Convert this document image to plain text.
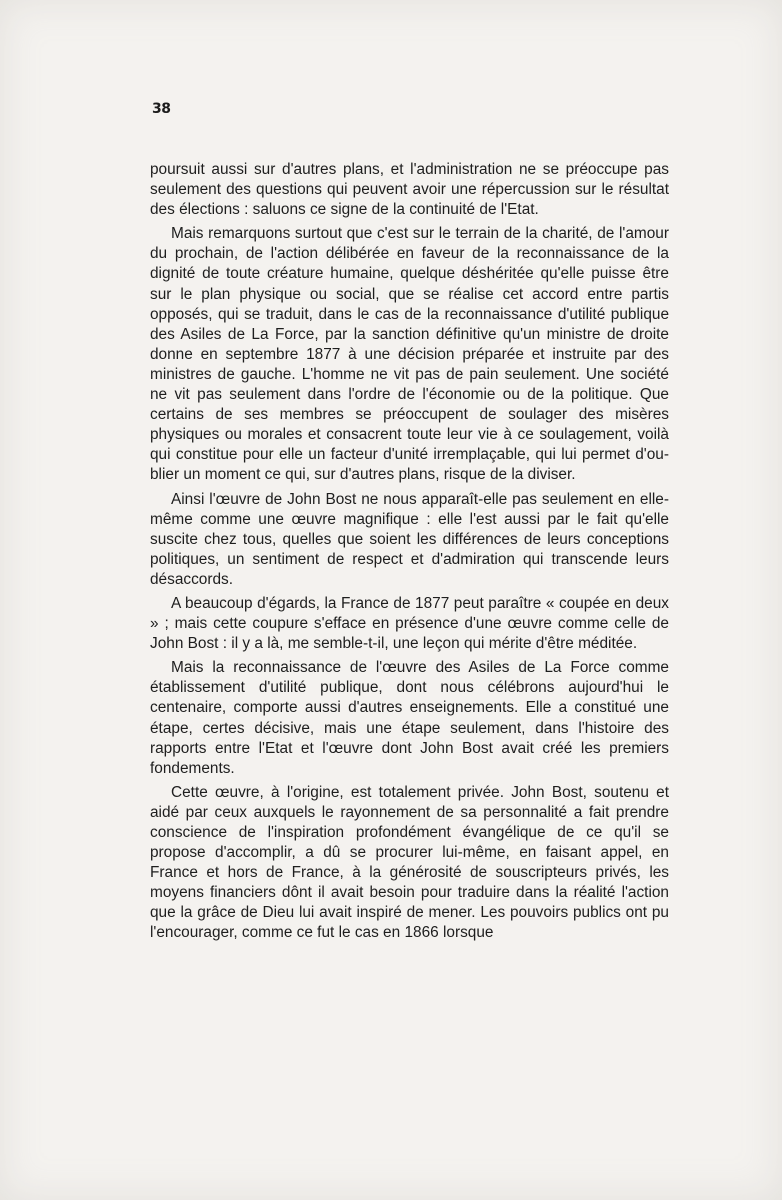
38

poursuit aussi sur d'autres plans, et l'administration ne se préoccupe pas seulement des questions qui peuvent avoir une répercussion sur le résultat des élections : saluons ce signe de la continuité de l'Etat.

Mais remarquons surtout que c'est sur le terrain de la charité, de l'amour du prochain, de l'action délibérée en faveur de la reconnaissance de la dignité de toute créature humaine, quelque déshéritée qu'elle puisse être sur le plan physique ou social, que se réalise cet accord entre partis opposés, qui se traduit, dans le cas de la reconnaissance d'utilité publique des Asiles de La Force, par la sanction définitive qu'un ministre de droite donne en septembre 1877 à une décision préparée et instruite par des ministres de gauche. L'homme ne vit pas de pain seulement. Une société ne vit pas seulement dans l'ordre de l'économie ou de la politique. Que certains de ses membres se préoccupent de soulager des misères physiques ou morales et consacrent toute leur vie à ce soulagement, voilà qui constitue pour elle un facteur d'unité irremplaçable, qui lui permet d'oublier un moment ce qui, sur d'autres plans, risque de la diviser.

Ainsi l'œuvre de John Bost ne nous apparaît-elle pas seulement en elle-même comme une œuvre magnifique : elle l'est aussi par le fait qu'elle suscite chez tous, quelles que soient les différences de leurs conceptions politiques, un sentiment de respect et d'admiration qui transcende leurs désaccords.

A beaucoup d'égards, la France de 1877 peut paraître « coupée en deux » ; mais cette coupure s'efface en présence d'une œuvre comme celle de John Bost : il y a là, me semble-t-il, une leçon qui mérite d'être méditée.

Mais la reconnaissance de l'œuvre des Asiles de La Force comme établissement d'utilité publique, dont nous célébrons aujourd'hui le centenaire, comporte aussi d'autres enseignements. Elle a constitué une étape, certes décisive, mais une étape seulement, dans l'histoire des rapports entre l'Etat et l'œuvre dont John Bost avait créé les premiers fondements.

Cette œuvre, à l'origine, est totalement privée. John Bost, soutenu et aidé par ceux auxquels le rayonnement de sa personnalité a fait prendre conscience de l'inspiration profondément évangélique de ce qu'il se propose d'accomplir, a dû se procurer lui-même, en faisant appel, en France et hors de France, à la générosité de souscripteurs privés, les moyens financiers dônt il avait besoin pour traduire dans la réalité l'action que la grâce de Dieu lui avait inspiré de mener. Les pouvoirs publics ont pu l'encourager, comme ce fut le cas en 1866 lorsque
